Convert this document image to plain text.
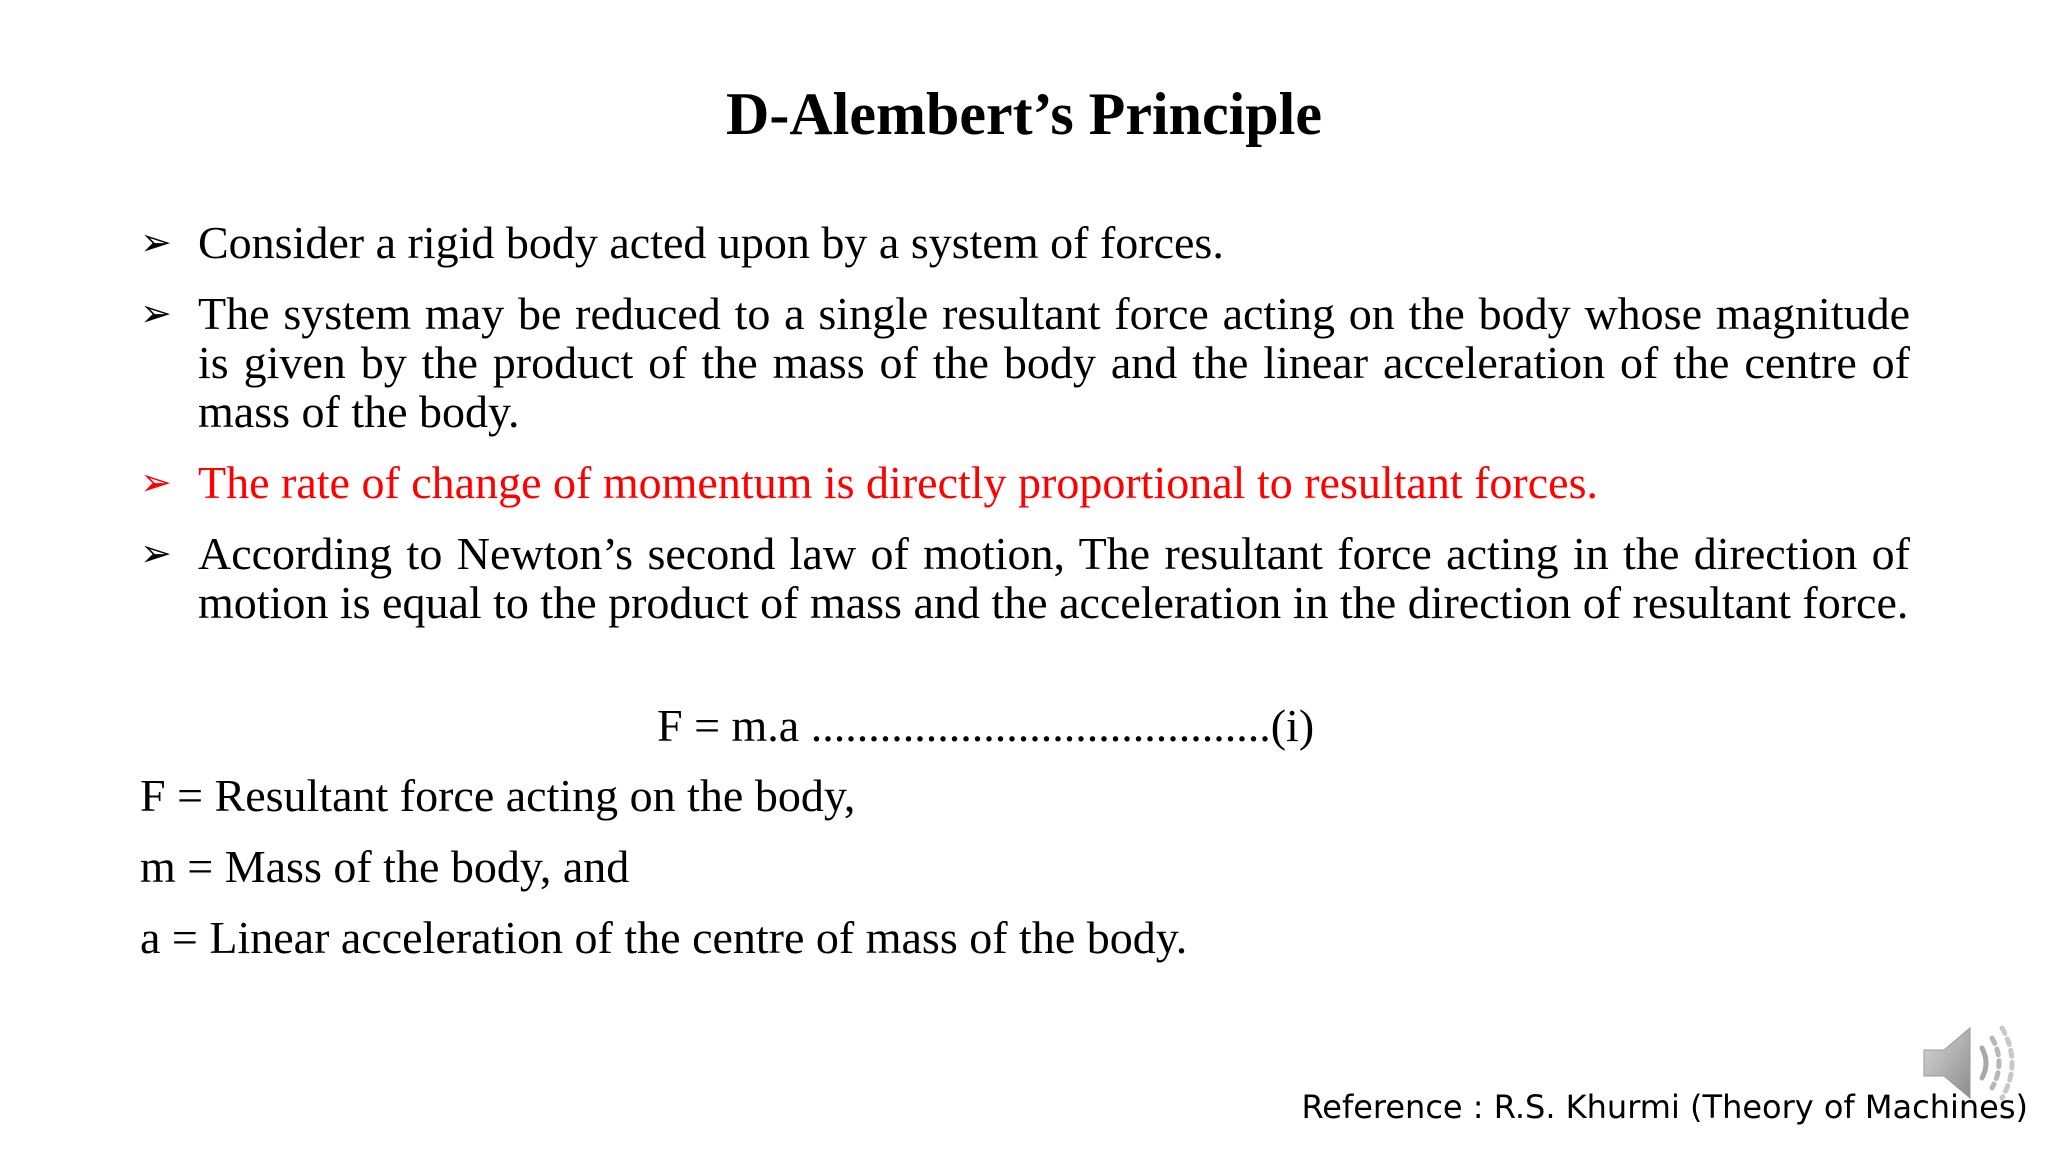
D-Alembert’s Principle
➢ Consider a rigid body acted upon by a system of forces.
➢ The system may be reduced to a single resultant force acting on the body whose magnitude is given by the product of the mass of the body and the linear acceleration of the centre of mass of the body.
➢ The rate of change of momentum is directly proportional to resultant forces.
➢ According to Newton’s second law of motion, The resultant force acting in the direction of motion is equal to the product of mass and the acceleration in the direction of resultant force.
F = m.a ........................................(i)
F = Resultant force acting on the body,
m = Mass of the body, and
a = Linear acceleration of the centre of mass of the body.
Reference : R.S. Khurmi (Theory of Machines)
